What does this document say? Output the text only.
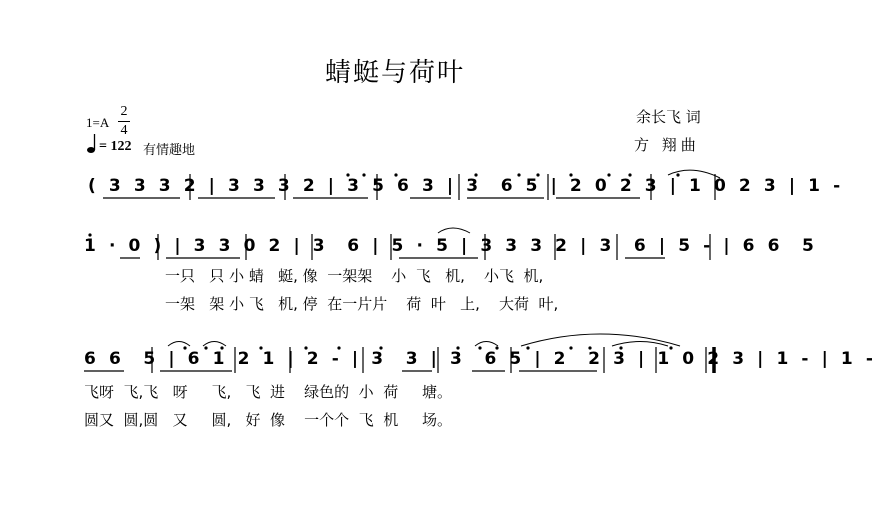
蜻蜓与荷叶
余长飞 词
方 翔曲
1=A
2
4
= 122 有情趣地
( 3 3 3 2 | 3 3 3 2 | 3 5 6 3 | 3  6 5 | 2 0 2 3 | 1 0 2 3 | 1 -
1 · 0 ) | 3 3 0 2 | 3  6 | 5 · 5 | 3 3 3 2 | 3  6 | 5 - | 6 6  5
6 6  5 | 6 1 2 1 | 2 - | 3  3 | 3  6 5 | 2  2 3 | 1 0 2 3 | 1 - | 1 -
一只   只 小 蜻   蜓, 像  一架架    小  飞   机,    小飞  机,
一架   架 小 飞   机, 停  在一片片    荷  叶   上,    大荷  叶,
飞呀  飞,飞   呀     飞,   飞  进    绿色的  小  荷     塘。
圆又  圆,圆   又     圆,   好  像    一个个  飞  机     场。
